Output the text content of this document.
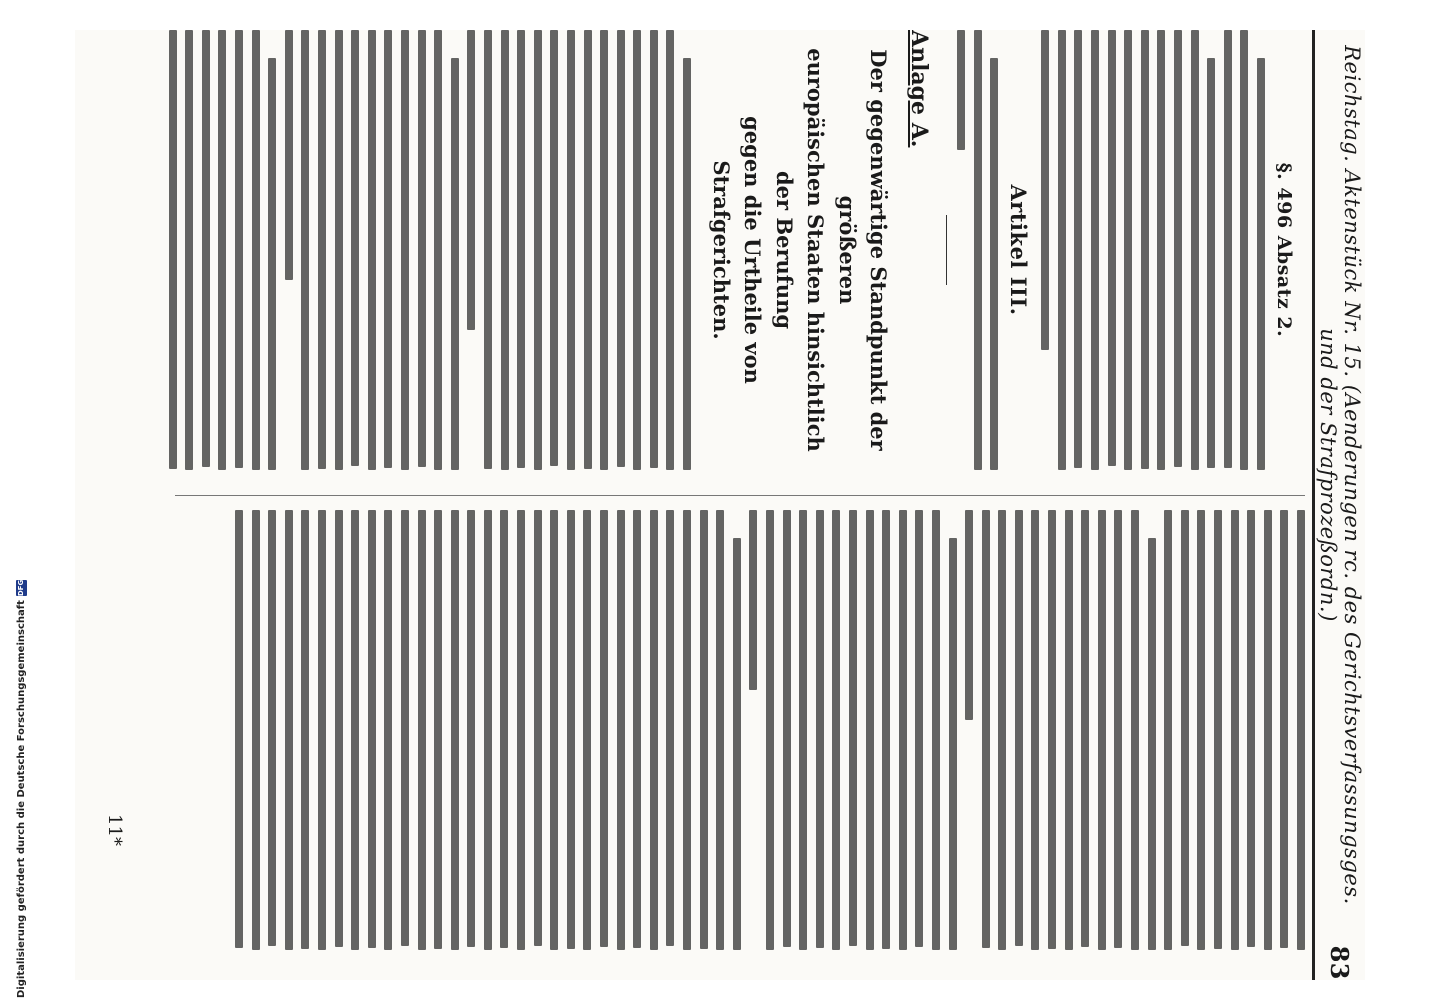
Reichstag. Aktenstück Nr. 15. (Aenderungen rc. des Gerichtsverfassungsges. und der Strafprozeßordn.)
83
§. 496 Absatz 2.
Artikel III.
Anlage A.
Der gegenwärtige Standpunkt der größeren
europäischen Staaten hinsichtlich der Berufung
gegen die Urtheile von Strafgerichten.
11*
Digitalisierung gefördert durch die Deutsche Forschungsgemeinschaft
DFG
